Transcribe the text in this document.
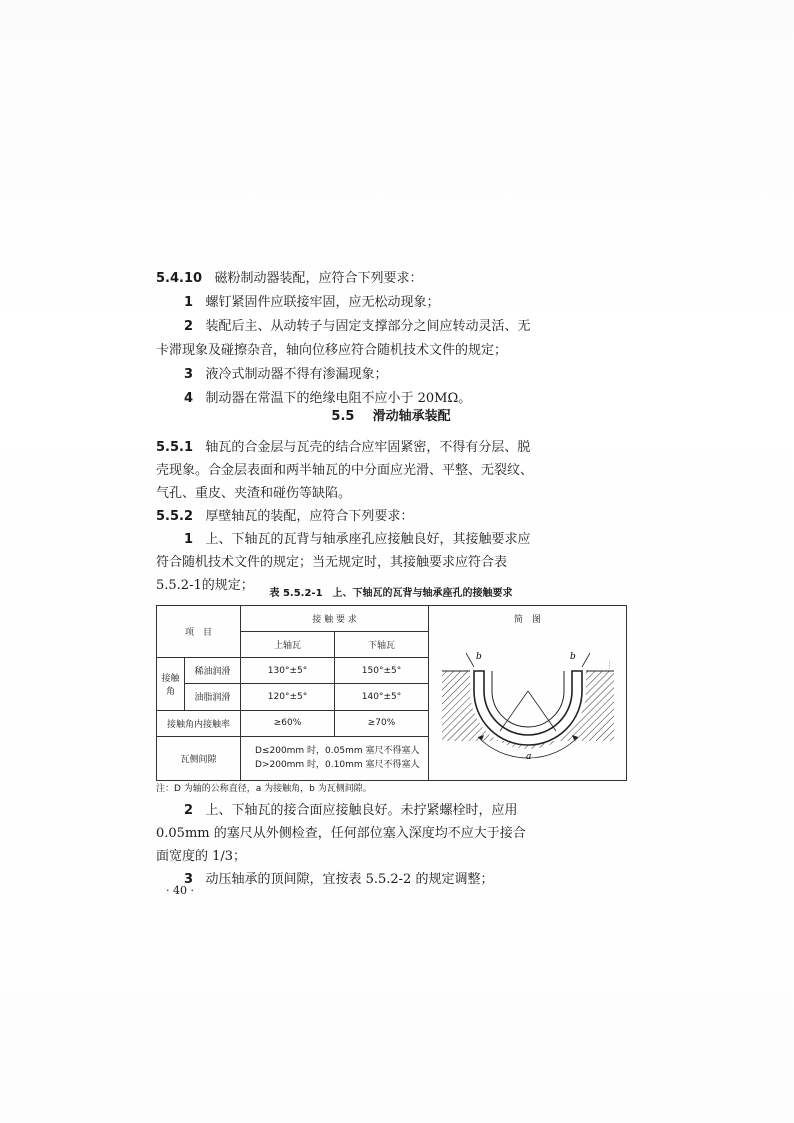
5.4.10 磁粉制动器装配，应符合下列要求：
1 螺钉紧固件应联接牢固，应无松动现象；
2 装配后主、从动转子与固定支撑部分之间应转动灵活、无
卡滞现象及碰擦杂音，轴向位移应符合随机技术文件的规定；
3 液冷式制动器不得有渗漏现象；
4 制动器在常温下的绝缘电阻不应小于 20MΩ。
5.5 滑动轴承装配
5.5.1 轴瓦的合金层与瓦壳的结合应牢固紧密，不得有分层、脱
壳现象。合金层表面和两半轴瓦的中分面应光滑、平整、无裂纹、
气孔、重皮、夹渣和碰伤等缺陷。
5.5.2 厚壁轴瓦的装配，应符合下列要求：
1 上、下轴瓦的瓦背与轴承座孔应接触良好，其接触要求应
符合随机技术文件的规定；当无规定时，其接触要求应符合表
5.5.2-1的规定；
表 5.5.2-1　上、下轴瓦的瓦背与轴承座孔的接触要求
项　目		接 触 要 求		简　图
		上轴瓦	下轴瓦	b b
a

接触角	稀油润滑	130°±5°	150°±5°	
	油脂润滑	120°±5°	140°±5°	
接触角内接触率		≥60%	≥70%	
瓦侧间隙		D≤200mm 时，0.05mm 塞尺不得塞人
D>200mm 时，0.10mm 塞尺不得塞人		
注：D 为轴的公称直径，a 为接触角，b 为瓦侧间隙。
2 上、下轴瓦的接合面应接触良好。未拧紧螺栓时，应用
0.05mm 的塞尺从外侧检查，任何部位塞入深度均不应大于接合
面宽度的 1/3；
3 动压轴承的顶间隙，宜按表 5.5.2-2 的规定调整；
· 40 ·
┊
